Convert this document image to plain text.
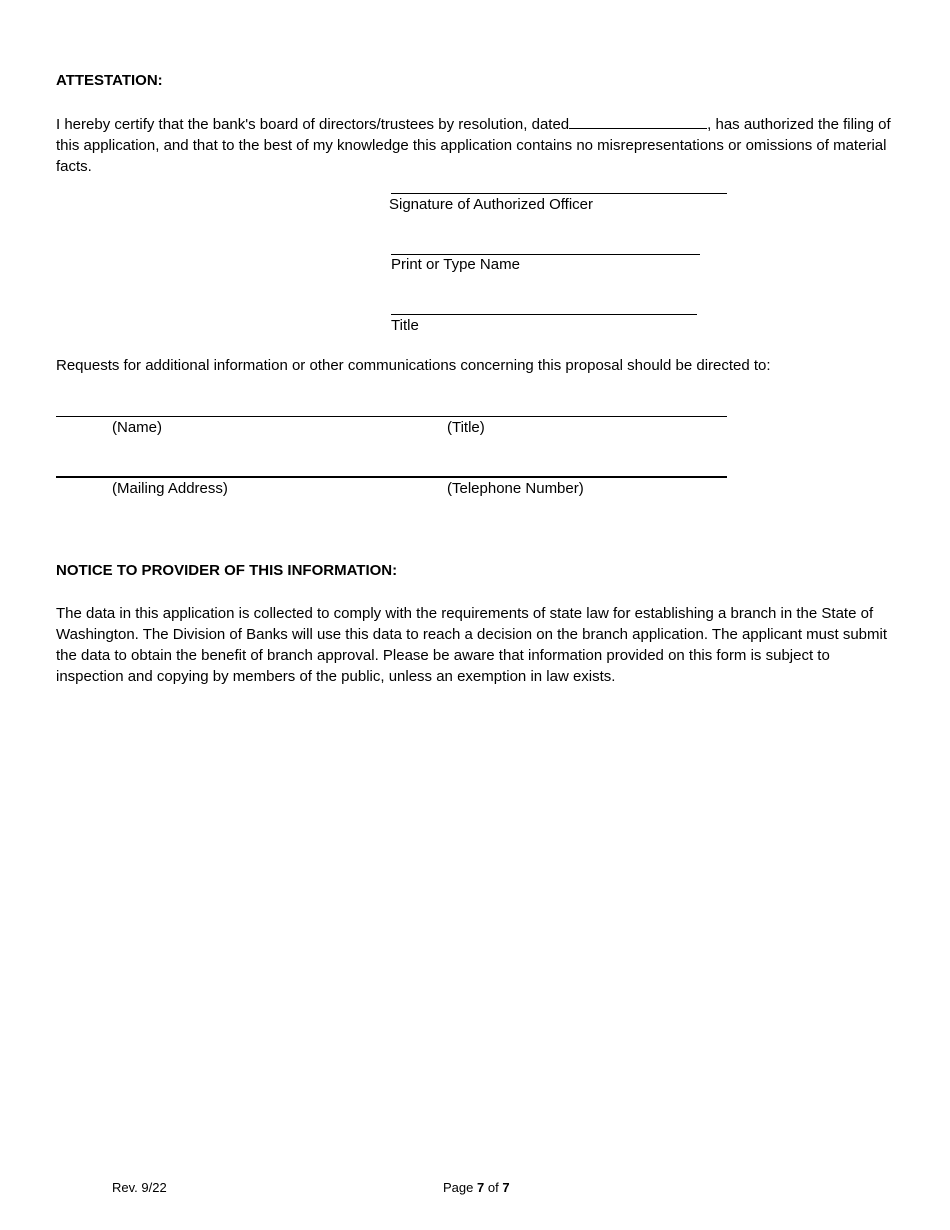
ATTESTATION:
I hereby certify that the bank's board of directors/trustees by resolution, dated	, has authorized the filing of this application, and that to the best of my knowledge this application contains no misrepresentations or omissions of material facts.
Signature of Authorized Officer
Print or Type Name
Title
Requests for additional information or other communications concerning this proposal should be directed to:
(Name)	(Title)
(Mailing Address)	(Telephone Number)
NOTICE TO PROVIDER OF THIS INFORMATION:
The data in this application is collected to comply with the requirements of state law for establishing a branch in the State of Washington. The Division of Banks will use this data to reach a decision on the branch application. The applicant must submit the data to obtain the benefit of branch approval. Please be aware that information provided on this form is subject to inspection and copying by members of the public, unless an exemption in law exists.
Rev. 9/22	Page 7 of 7
